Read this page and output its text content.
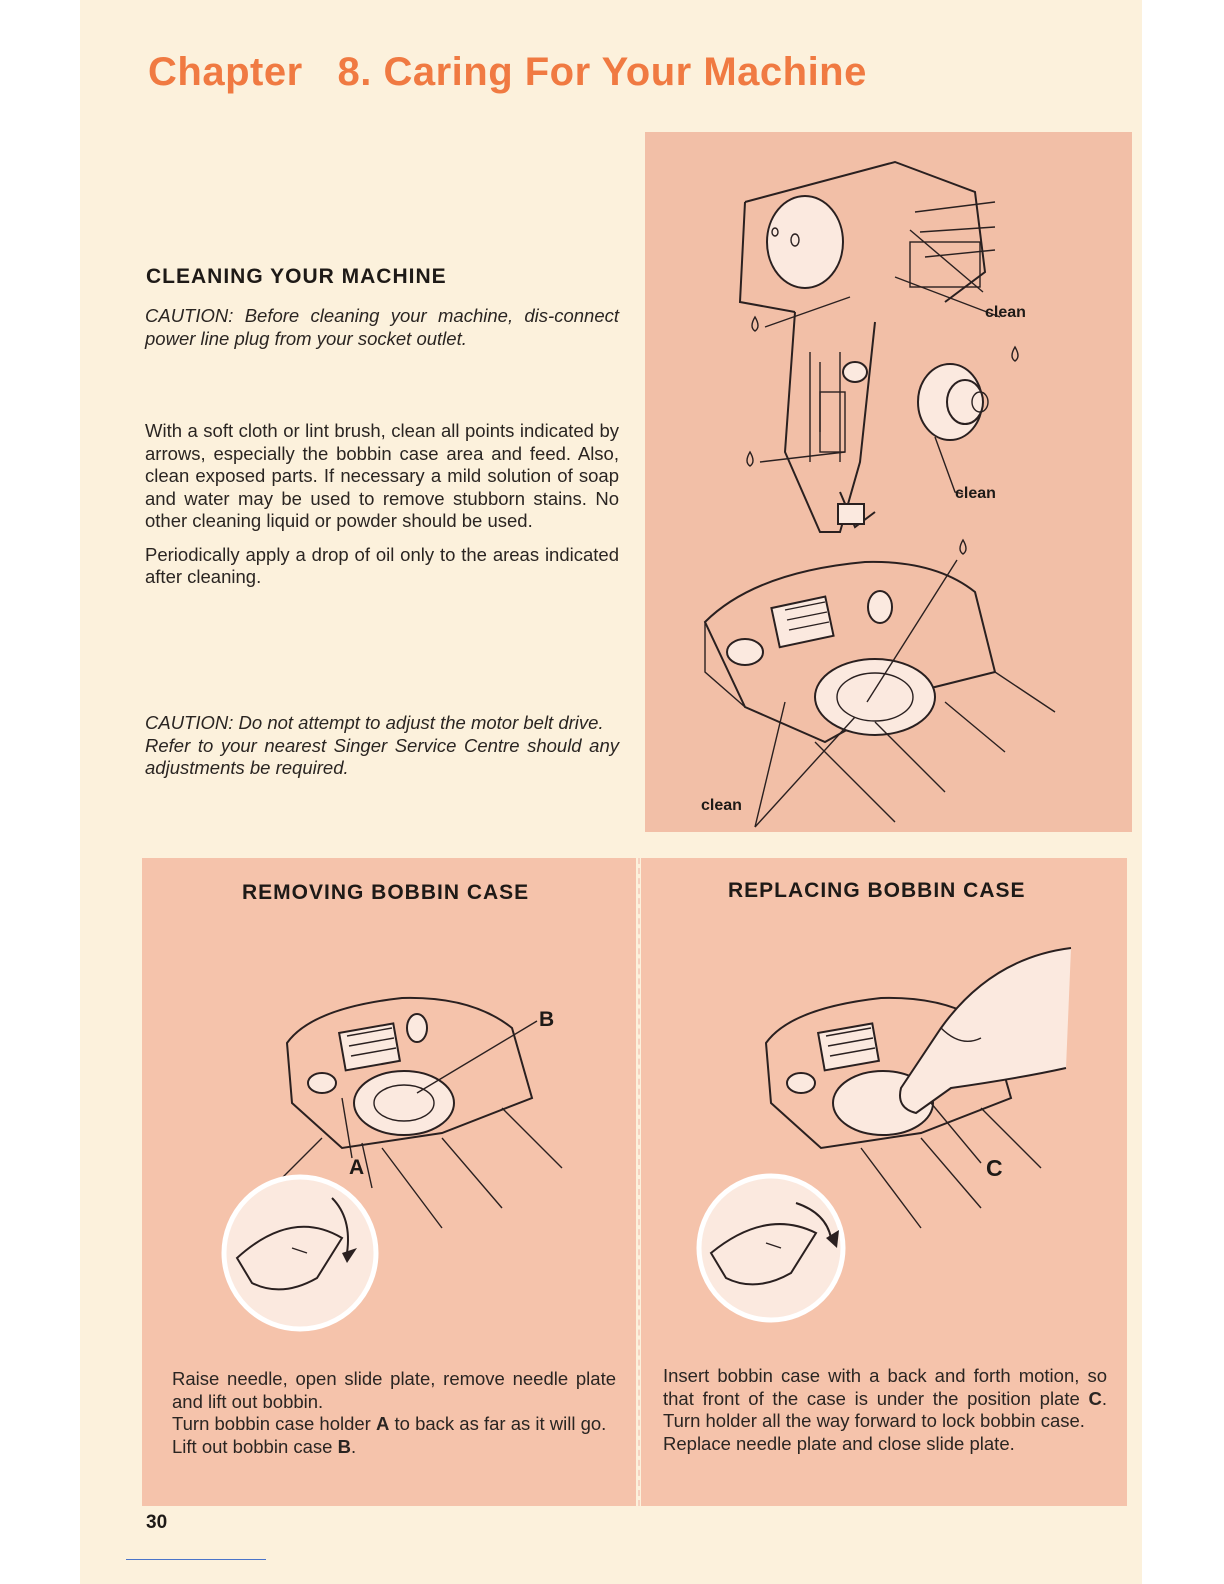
Chapter   8. Caring For Your Machine
CLEANING YOUR MACHINE

CAUTION: Before cleaning your machine, dis-connect power line plug from your socket outlet.

With a soft cloth or lint brush, clean all points indicated by arrows, especially the bobbin case area and feed. Also, clean exposed parts. If necessary a mild solution of soap and water may be used to remove stubborn stains. No other cleaning liquid or powder should be used.

Periodically apply a drop of oil only to the areas indicated after cleaning.

CAUTION: Do not attempt to adjust the motor belt drive.

Refer to your nearest Singer Service Centre should any adjustments be required.

clean
clean
clean
REMOVING BOBBIN CASE	REPLACING BOBBIN CASE
B
A	C

Raise needle, open slide plate, remove needle plate and lift out bobbin.

Turn bobbin case holder A to back as far as it will go.

Lift out bobbin case B.

Insert bobbin case with a back and forth motion, so that front of the case is under the position plate C. Turn holder all the way forward to lock bobbin case.

Replace needle plate and close slide plate.

30
